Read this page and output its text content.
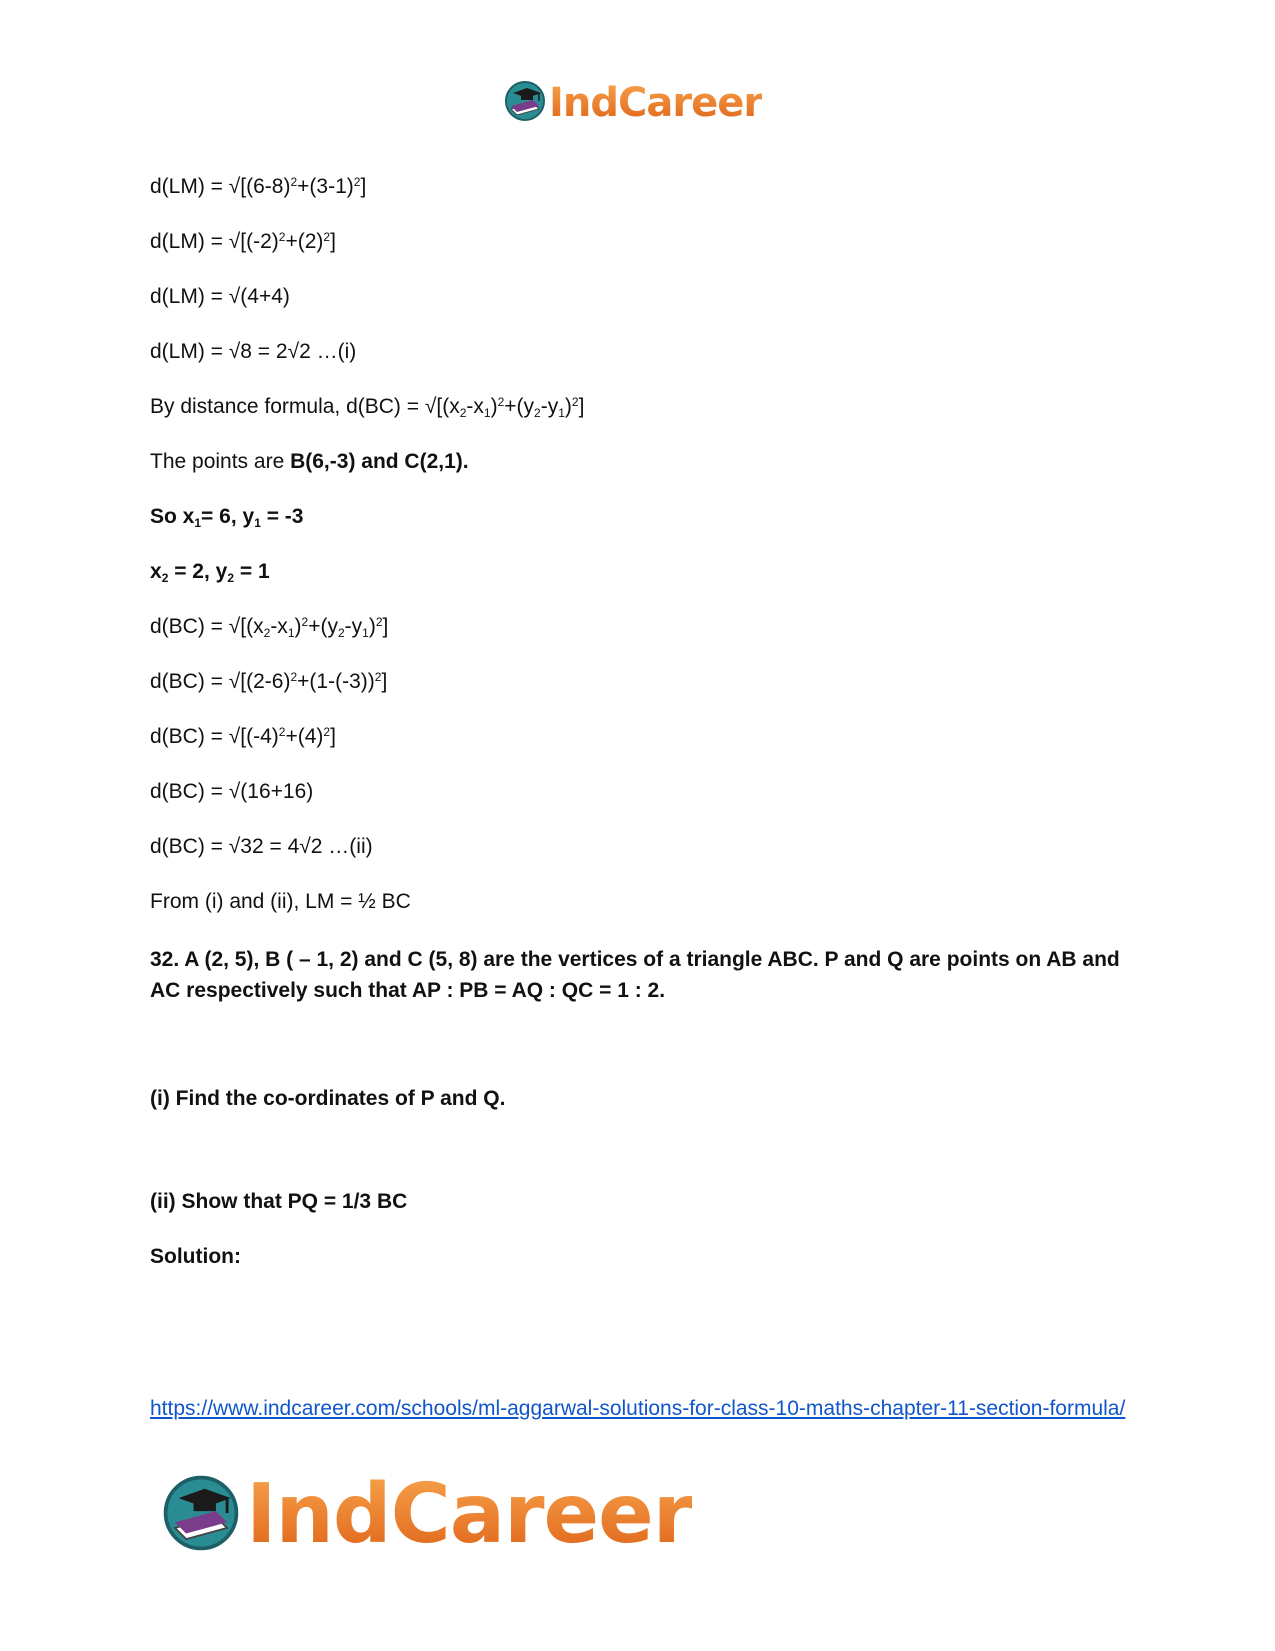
IndCareer
$d(LM) = √[(6-8)^2+(3-1)^2]$
$d(LM) = √[(-2)^2+(2)^2]$
d(LM) = √(4+4)
d(LM) = √8 = 2√2 …(i)
By distance formula, $d(BC) = √[(x_2-x_1)^2+(y_2-y_1)^2]$
The points are B(6,-3) and C(2,1).
So $x_1= 6$, $y_1 = -3$
$x_2 = 2$, $y_2 = 1$
$d(BC) = √[(x_2-x_1)^2+(y_2-y_1)^2]$
$d(BC) = √[(2-6)^2+(1-(-3))^2]$
$d(BC) = √[(-4)^2+(4)^2]$
d(BC) = √(16+16)
d(BC) = √32 = 4√2 …(ii)
From (i) and (ii), LM = ½ BC

32. A (2, 5), B ( – 1, 2) and C (5, 8) are the vertices of a triangle ABC. P and Q are points on AB and AC respectively such that AP : PB = AQ : QC = 1 : 2.

(i) Find the co-ordinates of P and Q.
(ii) Show that PQ = 1/3 BC
Solution:
https://www.indcareer.com/schools/ml-aggarwal-solutions-for-class-10-maths-chapter-11-section-formula/
IndCareer
